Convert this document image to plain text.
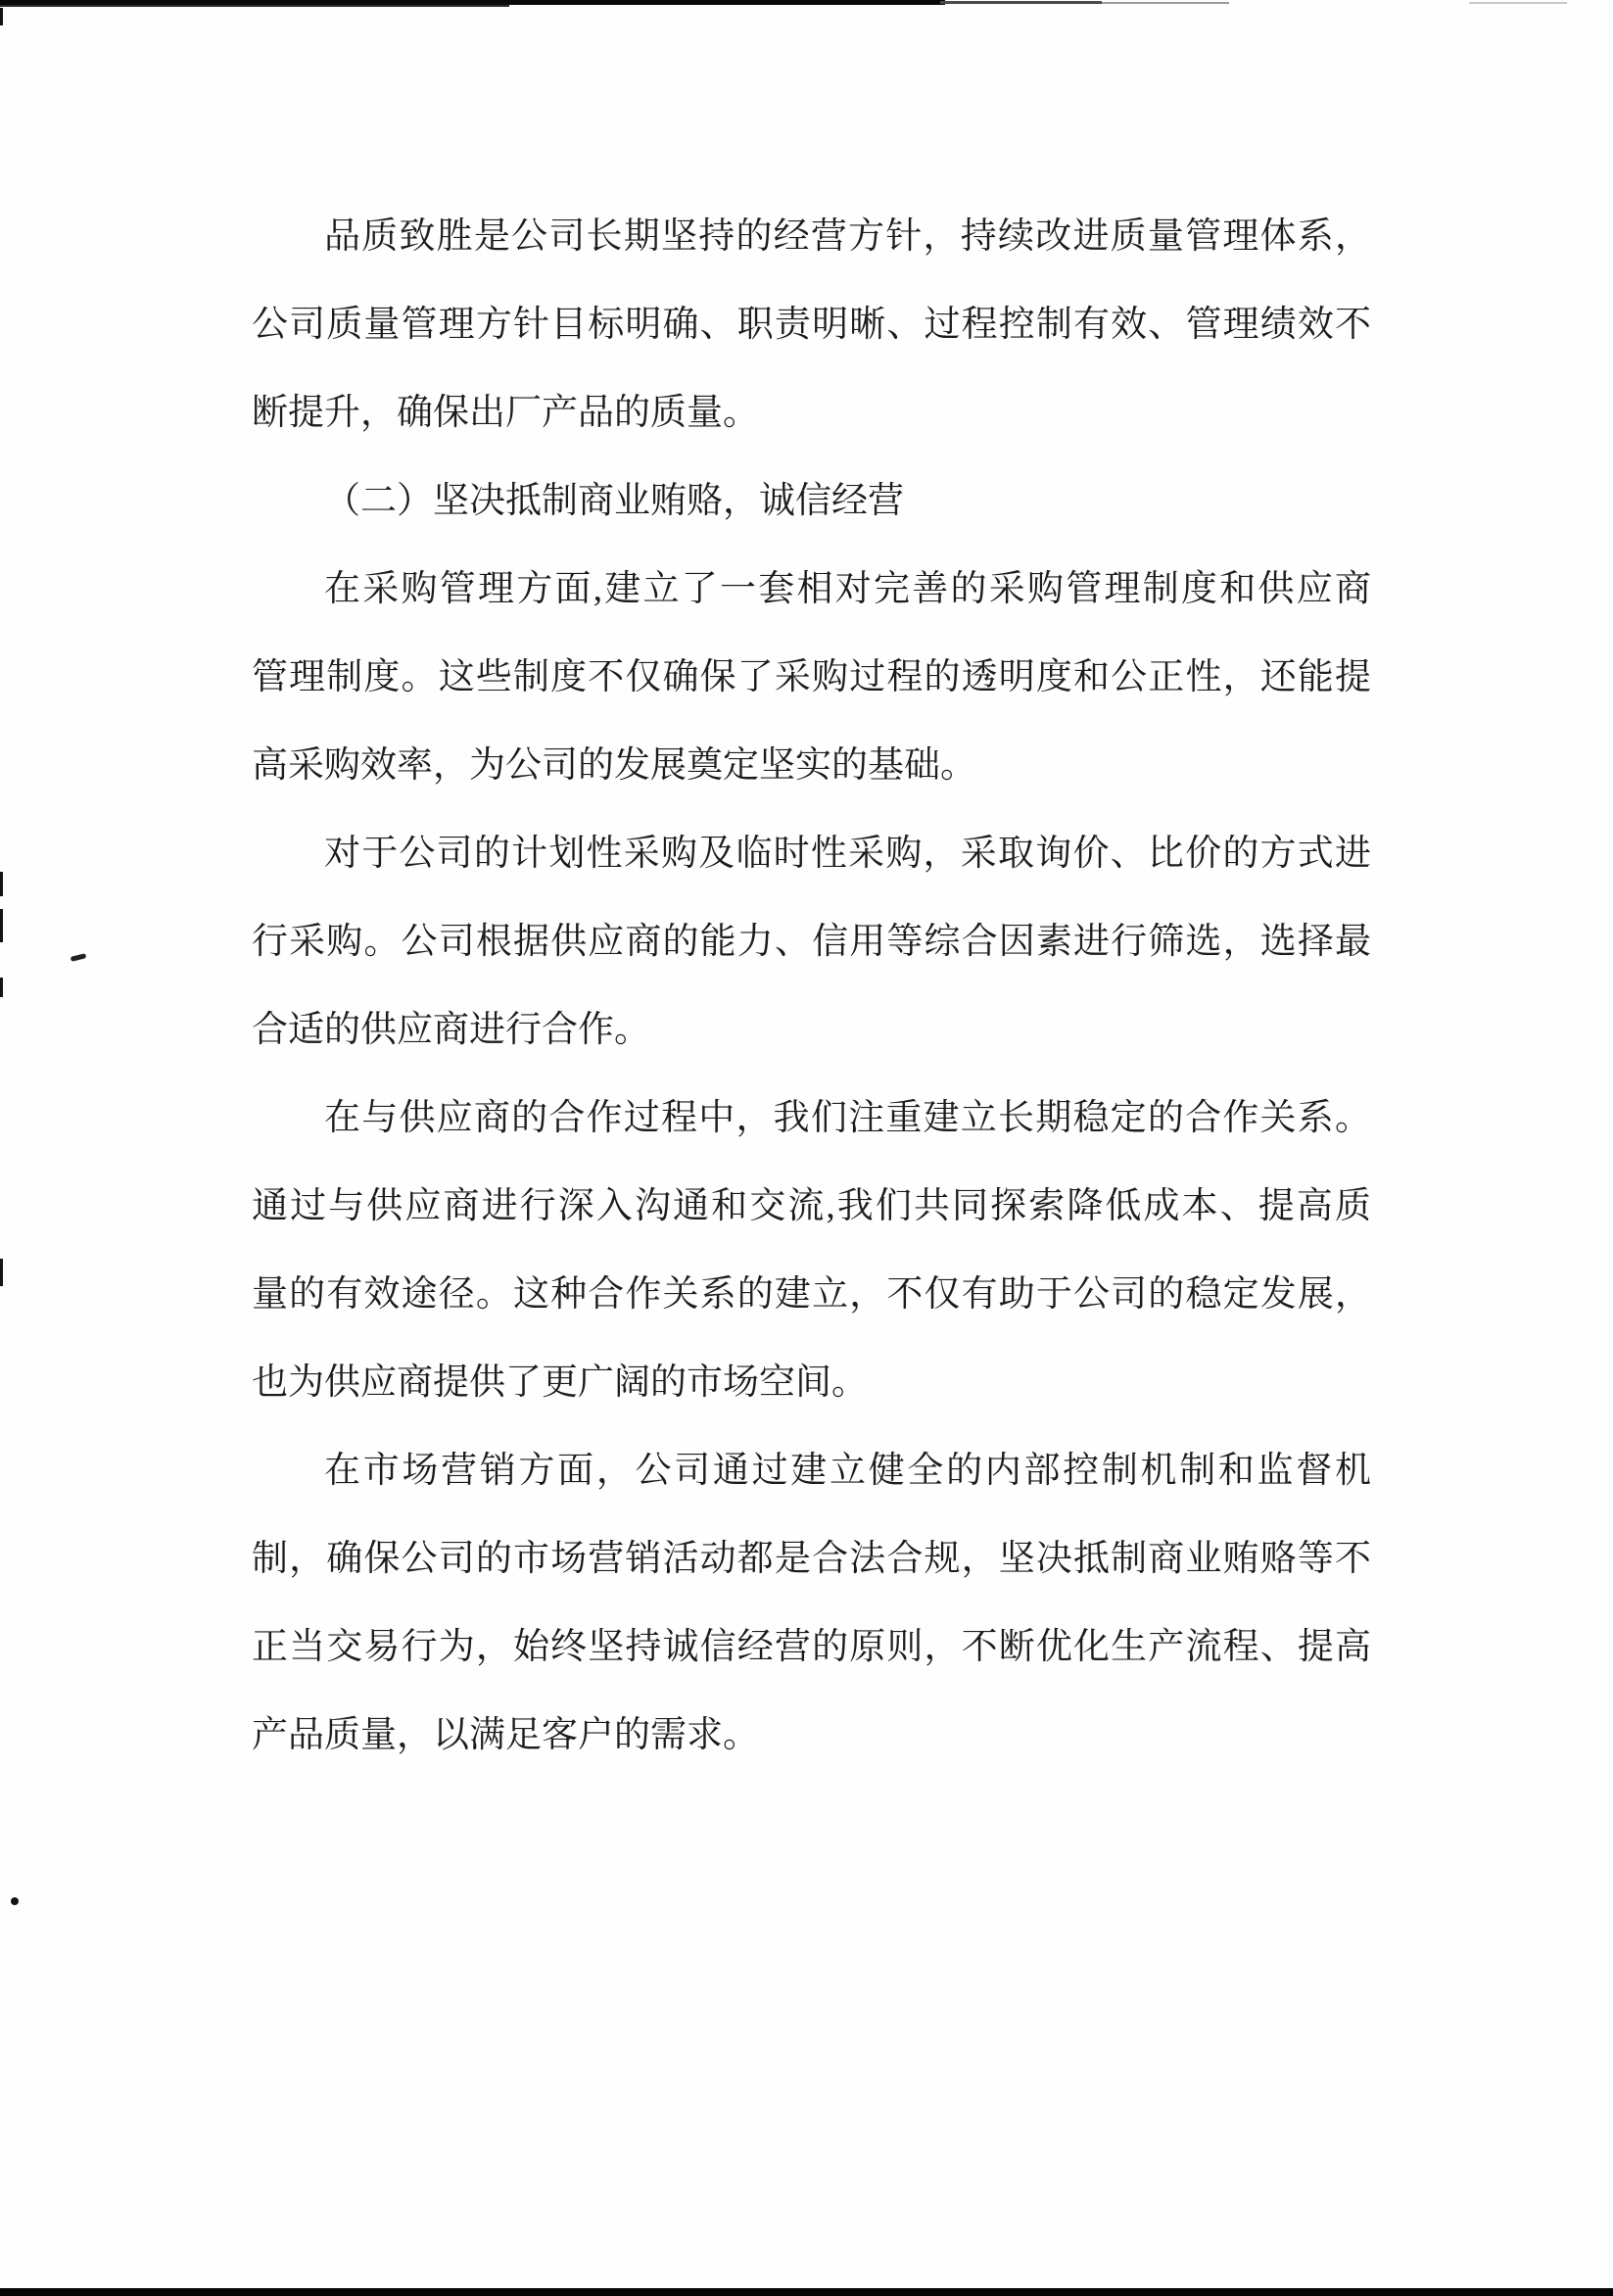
品质致胜是公司长期坚持的经营方针，持续改进质量管理体系，
公司质量管理方针目标明确、职责明晰、过程控制有效、管理绩效不
断提升，确保出厂产品的质量。
（二）坚决抵制商业贿赂，诚信经营
在采购管理方面,建立了一套相对完善的采购管理制度和供应商
管理制度。这些制度不仅确保了采购过程的透明度和公正性，还能提
高采购效率，为公司的发展奠定坚实的基础。
对于公司的计划性采购及临时性采购，采取询价、比价的方式进
行采购。公司根据供应商的能力、信用等综合因素进行筛选，选择最
合适的供应商进行合作。
在与供应商的合作过程中，我们注重建立长期稳定的合作关系。
通过与供应商进行深入沟通和交流,我们共同探索降低成本、提高质
量的有效途径。这种合作关系的建立，不仅有助于公司的稳定发展，
也为供应商提供了更广阔的市场空间。
在市场营销方面，公司通过建立健全的内部控制机制和监督机
制，确保公司的市场营销活动都是合法合规，坚决抵制商业贿赂等不
正当交易行为，始终坚持诚信经营的原则，不断优化生产流程、提高
产品质量，以满足客户的需求。
